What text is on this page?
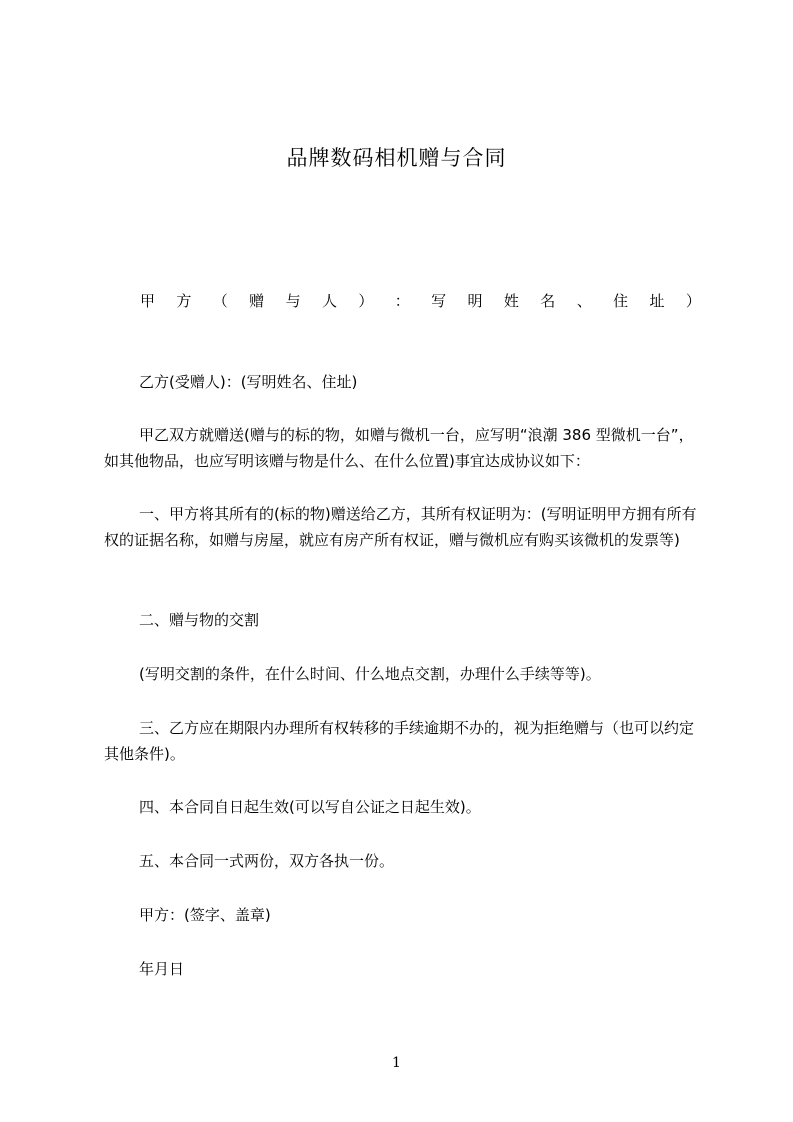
品牌数码相机赠与合同
甲 方 （ 赠 与 人 ） ： 写 明 姓 名 、 住 址 ）
乙方(受赠人)：(写明姓名、住址)
甲乙双方就赠送(赠与的标的物，如赠与微机一台，应写明“浪潮 386 型微机一台”，如其他物品，也应写明该赠与物是什么、在什么位置)事宜达成协议如下：
一、甲方将其所有的(标的物)赠送给乙方，其所有权证明为：(写明证明甲方拥有所有权的证据名称，如赠与房屋，就应有房产所有权证，赠与微机应有购买该微机的发票等)
二、赠与物的交割
(写明交割的条件，在什么时间、什么地点交割，办理什么手续等等)。
三、乙方应在期限内办理所有权转移的手续逾期不办的，视为拒绝赠与（也可以约定其他条件)。
四、本合同自日起生效(可以写自公证之日起生效)。
五、本合同一式两份，双方各执一份。
甲方：(签字、盖章)
年月日
1
